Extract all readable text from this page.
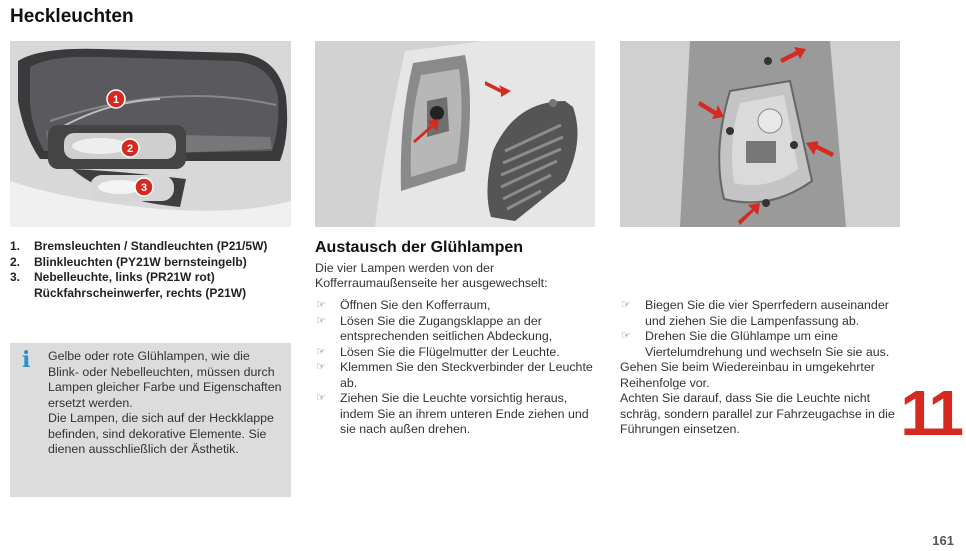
Heckleuchten
1
2
3
1.	Bremsleuchten / Standleuchten (P21/5W)
2.	Blinkleuchten (PY21W bernsteingelb)
3.	Nebelleuchte, links (PR21W rot)
Rückfahrscheinwerfer, rechts (P21W)
i Gelbe oder rote Glühlampen, wie die
Blink- oder Nebelleuchten, müssen durch
Lampen gleicher Farbe und Eigenschaften
ersetzt werden.
Die Lampen, die sich auf der Heckklappe
befinden, sind dekorative Elemente. Sie
dienen ausschließlich der Ästhetik.
Austausch der Glühlampen
Die vier Lampen werden von der
Kofferraumaußenseite her ausgewechselt:
☞	Öffnen Sie den Kofferraum,
☞	Lösen Sie die Zugangsklappe an der
entsprechenden seitlichen Abdeckung,
☞	Lösen Sie die Flügelmutter der Leuchte.
☞	Klemmen Sie den Steckverbinder der Leuchte
ab.
☞	Ziehen Sie die Leuchte vorsichtig heraus,
indem Sie an ihrem unteren Ende ziehen und
sie nach außen drehen.
☞	Biegen Sie die vier Sperrfedern auseinander
und ziehen Sie die Lampenfassung ab.
☞	Drehen Sie die Glühlampe um eine
Viertelumdrehung und wechseln Sie sie aus.
Gehen Sie beim Wiedereinbau in umgekehrter
Reihenfolge vor.
Achten Sie darauf, dass Sie die Leuchte nicht
schräg, sondern parallel zur Fahrzeugachse in die
Führungen einsetzen.	11
161
